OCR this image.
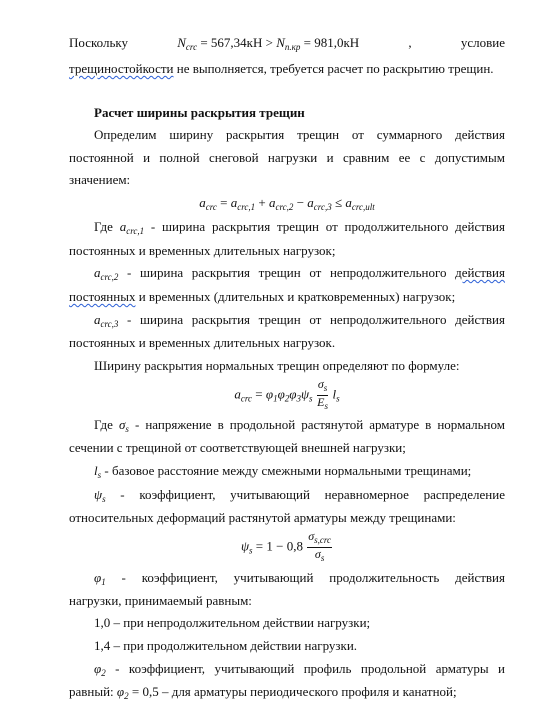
Поскольку	$N_{crc} = 567,34кН > N_{n.кр} = 981,0кН$	,	условие
трещиностойкости не выполняется, требуется расчет по раскрытию трещин.
Расчет ширины раскрытия трещин
Определим ширину раскрытия трещин от суммарного действия
постоянной и полной снеговой нагрузки и сравним ее с допустимым
значением:
$a_{crc} = a_{crc,1} + a_{crc,2} - a_{crc,3} \le a_{crc,ult}$
Где $a_{crc,1}$ - ширина раскрытия трещин от продолжительного действия
постоянных и временных длительных нагрузок;
$a_{crc,2}$ - ширина раскрытия трещин от непродолжительного действия
постоянных и временных (длительных и кратковременных) нагрузок;
$a_{crc,3}$ - ширина раскрытия трещин от непродолжительного действия
постоянных и временных длительных нагрузок.
Ширину раскрытия нормальных трещин определяют по формуле:
$a_{crc} = \varphi_1\varphi_2\varphi_3\psi_s \frac{\sigma_s}{E_s} l_s$
Где $\sigma_s$ - напряжение в продольной растянутой арматуре в нормальном
сечении с трещиной от соответствующей внешней нагрузки;
$l_s$ - базовое расстояние между смежными нормальными трещинами;
$\psi_s$ - коэффициент, учитывающий неравномерное распределение
относительных деформаций растянутой арматуры между трещинами:
$\psi_s = 1 - 0,8 \frac{\sigma_{s,crc}}{\sigma_s}$
$\varphi_1$ - коэффициент, учитывающий продолжительность действия
нагрузки, принимаемый равным:
1,0 – при непродолжительном действии нагрузки;
1,4 – при продолжительном действии нагрузки.
$\varphi_2$ - коэффициент, учитывающий профиль продольной арматуры и
равный: $\varphi_2 = 0,5$ – для арматуры периодического профиля и канатной;
